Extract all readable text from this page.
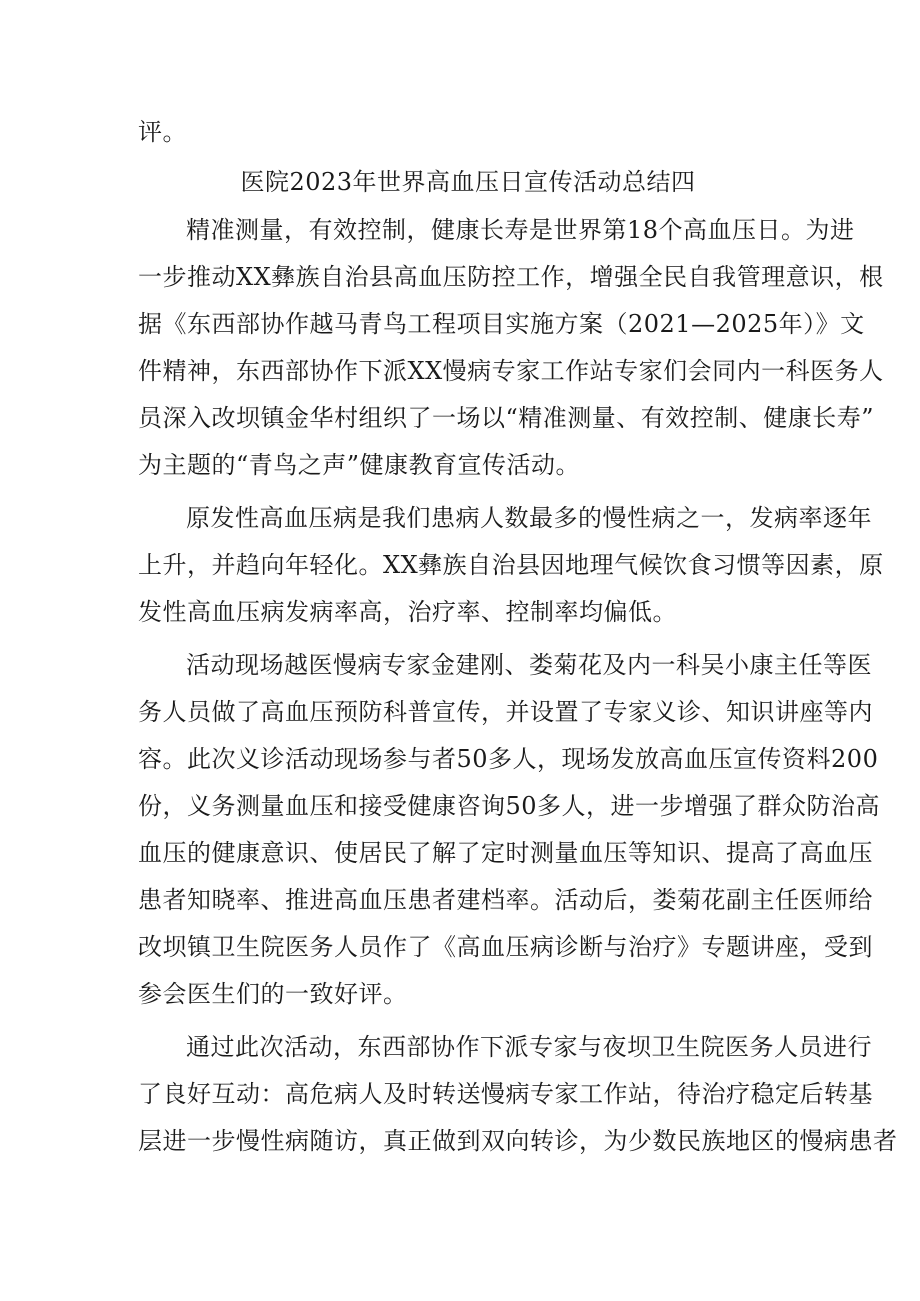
评。
医院2023年世界高血压日宣传活动总结四
精准测量，有效控制，健康长寿是世界第18个高血压日。为进
一步推动XX彝族自治县高血压防控工作，增强全民自我管理意识，根
据《东西部协作越马青鸟工程项目实施方案（2021—2025年）》文
件精神，东西部协作下派XX慢病专家工作站专家们会同内一科医务人
员深入改坝镇金华村组织了一场以“精准测量、有效控制、健康长寿”
为主题的“青鸟之声”健康教育宣传活动。
原发性高血压病是我们患病人数最多的慢性病之一，发病率逐年
上升，并趋向年轻化。XX彝族自治县因地理气候饮食习惯等因素，原
发性高血压病发病率高，治疗率、控制率均偏低。
活动现场越医慢病专家金建刚、娄菊花及内一科吴小康主任等医
务人员做了高血压预防科普宣传，并设置了专家义诊、知识讲座等内
容。此次义诊活动现场参与者50多人，现场发放高血压宣传资料200
份，义务测量血压和接受健康咨询50多人，进一步增强了群众防治高
血压的健康意识、使居民了解了定时测量血压等知识、提高了高血压
患者知晓率、推进高血压患者建档率。活动后，娄菊花副主任医师给
改坝镇卫生院医务人员作了《高血压病诊断与治疗》专题讲座，受到
参会医生们的一致好评。
通过此次活动，东西部协作下派专家与夜坝卫生院医务人员进行
了良好互动：高危病人及时转送慢病专家工作站，待治疗稳定后转基
层进一步慢性病随访，真正做到双向转诊，为少数民族地区的慢病患者
